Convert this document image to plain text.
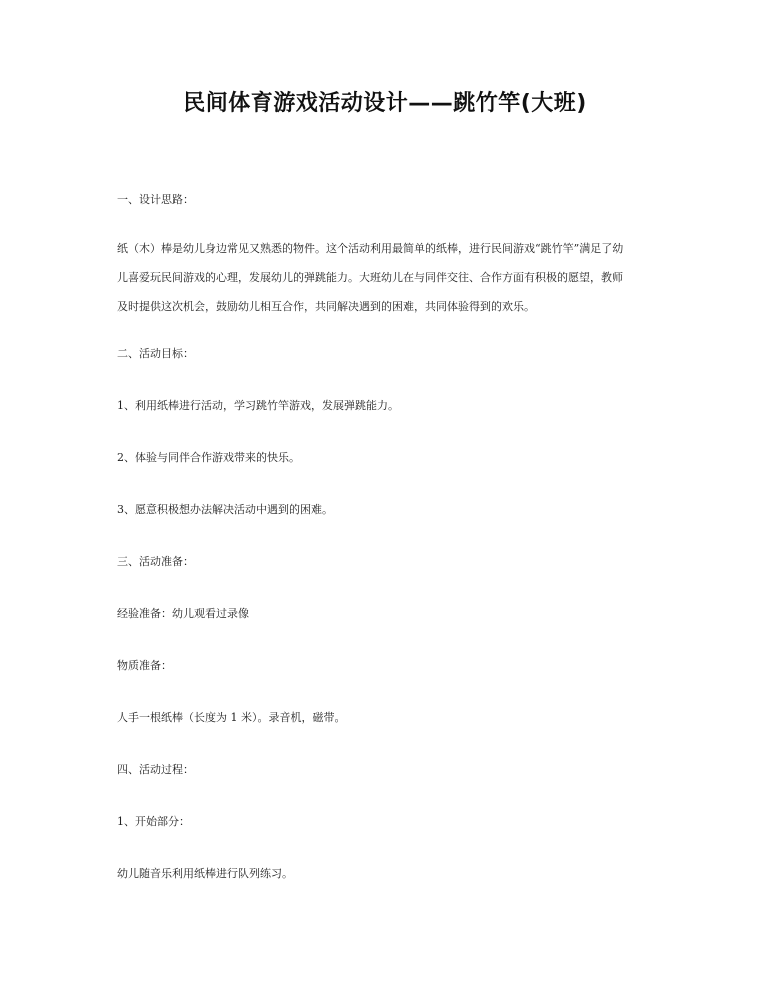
民间体育游戏活动设计——跳竹竿(大班)

一、设计思路：

纸（木）棒是幼儿身边常见又熟悉的物件。这个活动利用最简单的纸棒，进行民间游戏“跳竹竿”满足了幼
儿喜爱玩民间游戏的心理，发展幼儿的弹跳能力。大班幼儿在与同伴交往、合作方面有积极的愿望，教师
及时提供这次机会，鼓励幼儿相互合作，共同解决遇到的困难，共同体验得到的欢乐。

二、活动目标：

1、利用纸棒进行活动，学习跳竹竿游戏，发展弹跳能力。

2、体验与同伴合作游戏带来的快乐。

3、愿意积极想办法解决活动中遇到的困难。

三、活动准备：

经验准备：幼儿观看过录像

物质准备：

人手一根纸棒（长度为 1 米）。录音机，磁带。

四、活动过程：

1、开始部分：

幼儿随音乐利用纸棒进行队列练习。
